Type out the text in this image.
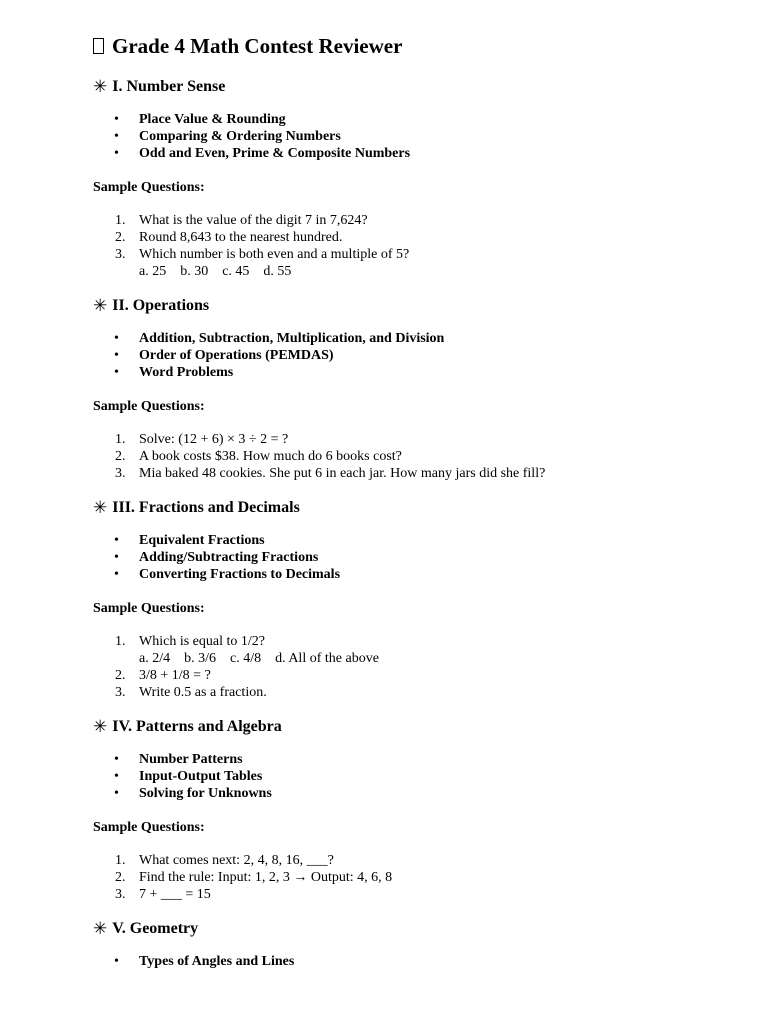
Grade 4 Math Contest Reviewer
✳ I. Number Sense
• Place Value & Rounding
• Comparing & Ordering Numbers
• Odd and Even, Prime & Composite Numbers

Sample Questions:

1. What is the value of the digit 7 in 7,624?
2. Round 8,643 to the nearest hundred.
3. Which number is both even and a multiple of 5?
a. 25    b. 30    c. 45    d. 55
✳ II. Operations
• Addition, Subtraction, Multiplication, and Division
• Order of Operations (PEMDAS)
• Word Problems

Sample Questions:

1. Solve: (12 + 6) × 3 ÷ 2 = ?
2. A book costs $38. How much do 6 books cost?
3. Mia baked 48 cookies. She put 6 in each jar. How many jars did she fill?
✳ III. Fractions and Decimals
• Equivalent Fractions
• Adding/Subtracting Fractions
• Converting Fractions to Decimals

Sample Questions:

1. Which is equal to 1/2?
a. 2/4    b. 3/6    c. 4/8    d. All of the above
2. 3/8 + 1/8 = ?
3. Write 0.5 as a fraction.
✳ IV. Patterns and Algebra
• Number Patterns
• Input-Output Tables
• Solving for Unknowns

Sample Questions:

1. What comes next: 2, 4, 8, 16, ___?
2. Find the rule: Input: 1, 2, 3 → Output: 4, 6, 8
3. 7 + ___ = 15
✳ V. Geometry
• Types of Angles and Lines
